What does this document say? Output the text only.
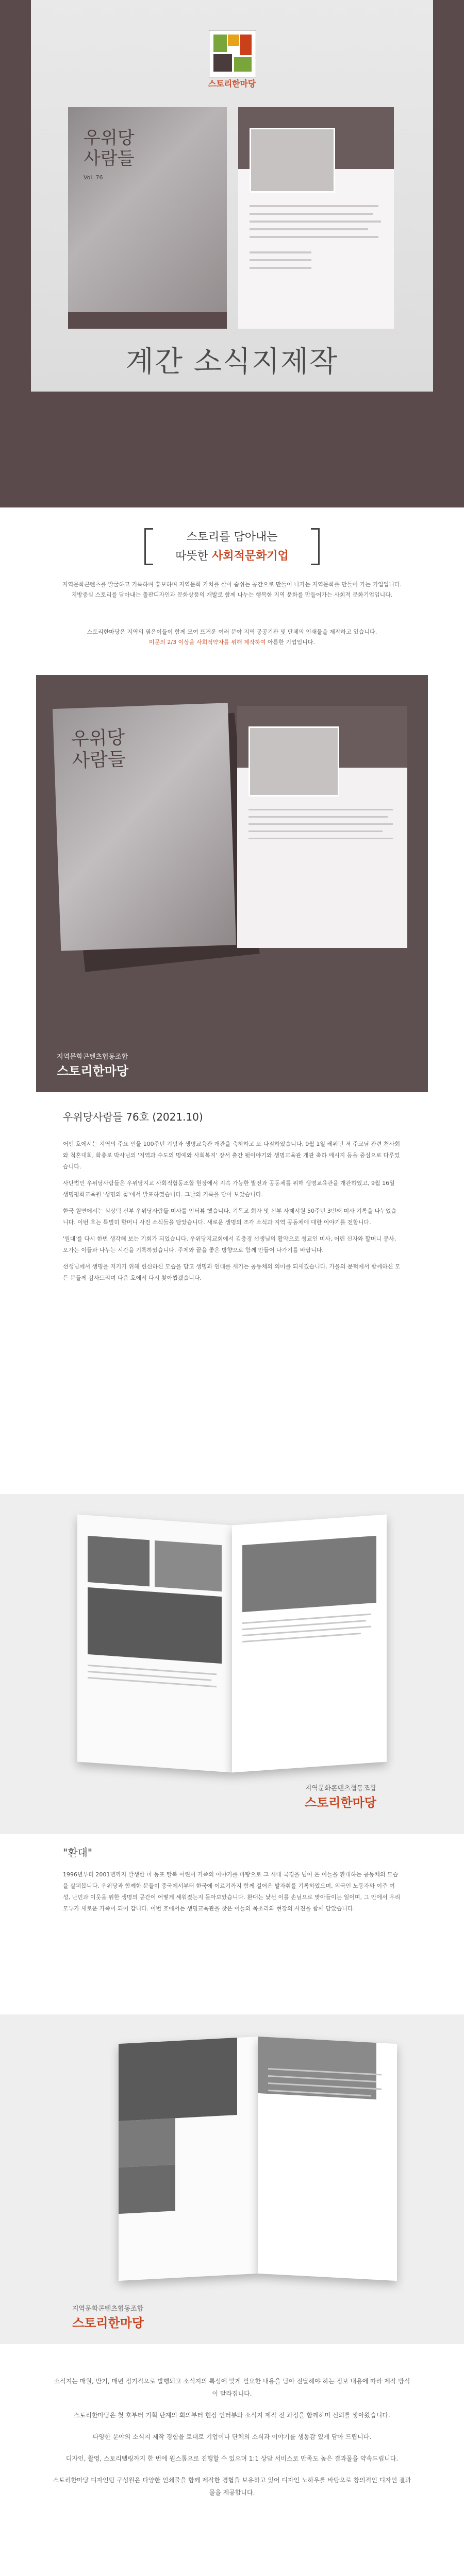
스토리한마당
우위당
사람들
Vol. 76
계간 소식지제작
스토리를 담아내는
따뜻한 사회적문화기업
지역문화콘텐츠를 발굴하고 기록하며 홍보하며 지역문화 가치를 살아 숨쉬는 공간으로 만들어 나가는 지역문화를 만들어 가는 기업입니다. 지방중심 스토리를 담아내는 출판디자인과 문화상품의 개발로 함께 나누는 행복한 지역 문화를 만들어가는 사회적 문화기업입니다.
스토리한마당은 지역의 옆은이들이 함께 모여 뜨거운 여러 분야 지역 공공기관 및 단체의 인쇄물을 제작하고 있습니다.
미문의 2/3 이상을 사회적약자를 위해 제작하여 아름한 기업입니다.
우위당
사람들
지역문화콘텐츠협동조합
스토리한마당
우위당사람들 76호 (2021.10)

어떤 호에서는 지역의 주요 인물 100주년 기념과 생명교육관 개관을 축하하고 또 다짐하였습니다. 9월 1일 레위민 저 주교님 관련 천사회와 척혼대회, 화충로 박사님의 '지역과 수도의 명예와 사회복지' 장서 출간 뒷이야기와 생명교육관 개관 축하 메시지 등을 중심으로 다루었습니다.

사단법인 우위당사람들은 우위당지교 사회적협동조합 현장에서 지속 가능한 발전과 공동체를 위해 생명교육관을 개관하였고, 9월 16일 생명평화교육원 '생명의 꽃'에서 발표하였습니다. 그날의 기록을 담아 보았습니다.

한국 원연에서는 심상덕 신부 우위당사람들 미사를 인터뷰 했습니다. 기독교 회자 및 신부 사제서원 50주년 3번째 미사 기록을 나누었습니다. 이번 호는 특별히 할머니 사진 소식들을 담았습니다. 새로운 생명의 조각 소식과 지역 공동체에 대한 이야기를 전합니다.

'원대'를 다시 한번 생각해 보는 기회가 되었습니다. 우위당지교회에서 김충경 선생님의 활약으로 청교인 미사, 어린 신자와 할머니 봉사, 오가는 이들과 나누는 시간을 기록하였습니다. 주제와 끝을 좋은 방향으로 함께 만들어 나가기를 바랍니다.

선생님께서 생명을 지키기 위해 헌신하신 모습을 담고 생명과 연대를 새기는 공동체의 의미를 되새겼습니다. 가을의 문턱에서 함께하신 모든 분들께 감사드리며 다음 호에서 다시 찾아뵙겠습니다.

지역문화콘텐츠협동조합
스토리한마당
"환대"
1996년부터 2001년까지 발생한 미 동포 탈북 어린이 가족의 이야기를 바탕으로 그 시대 국경을 넘어 온 이들을 환대하는 공동체의 모습을 살펴봅니다. 우위당과 함께한 분들이 중국에서부터 한국에 이르기까지 함께 걸어온 발자취를 기록하였으며, 외국인 노동자와 이주 여성, 난민과 이웃을 위한 생명의 공간이 어떻게 세워졌는지 돌아보았습니다. 환대는 낯선 이를 손님으로 맞아들이는 일이며, 그 안에서 우리 모두가 새로운 가족이 되어 갑니다. 이번 호에서는 생명교육관을 찾은 이들의 목소리와 현장의 사진을 함께 담았습니다.
지역문화콘텐츠협동조합
스토리한마당

소식지는 매월, 반기, 매년 정기적으로 발행되고 소식지의 특성에 맞게 필요한 내용을 담아 전달해야 하는 정보 내용에 따라 제작 방식이 달라집니다.

스토리한마당은 첫 호부터 기획 단계의 회의부터 현장 인터뷰와 소식지 제작 전 과정을 함께하며 신뢰를 쌓아왔습니다.

다양한 분야의 소식지 제작 경험을 토대로 기업이나 단체의 소식과 이야기를 생동감 있게 담아 드립니다.

디자인, 촬영, 스토리텔링까지 한 번에 원스톱으로 진행할 수 있으며 1:1 상담 서비스로 만족도 높은 결과물을 약속드립니다.

스토리한마당 디자인팀 구성원은 다양한 인쇄물을 함께 제작한 경험을 보유하고 있어 디자인 노하우를 바탕으로 창의적인 디자인 결과물을 제공합니다.
